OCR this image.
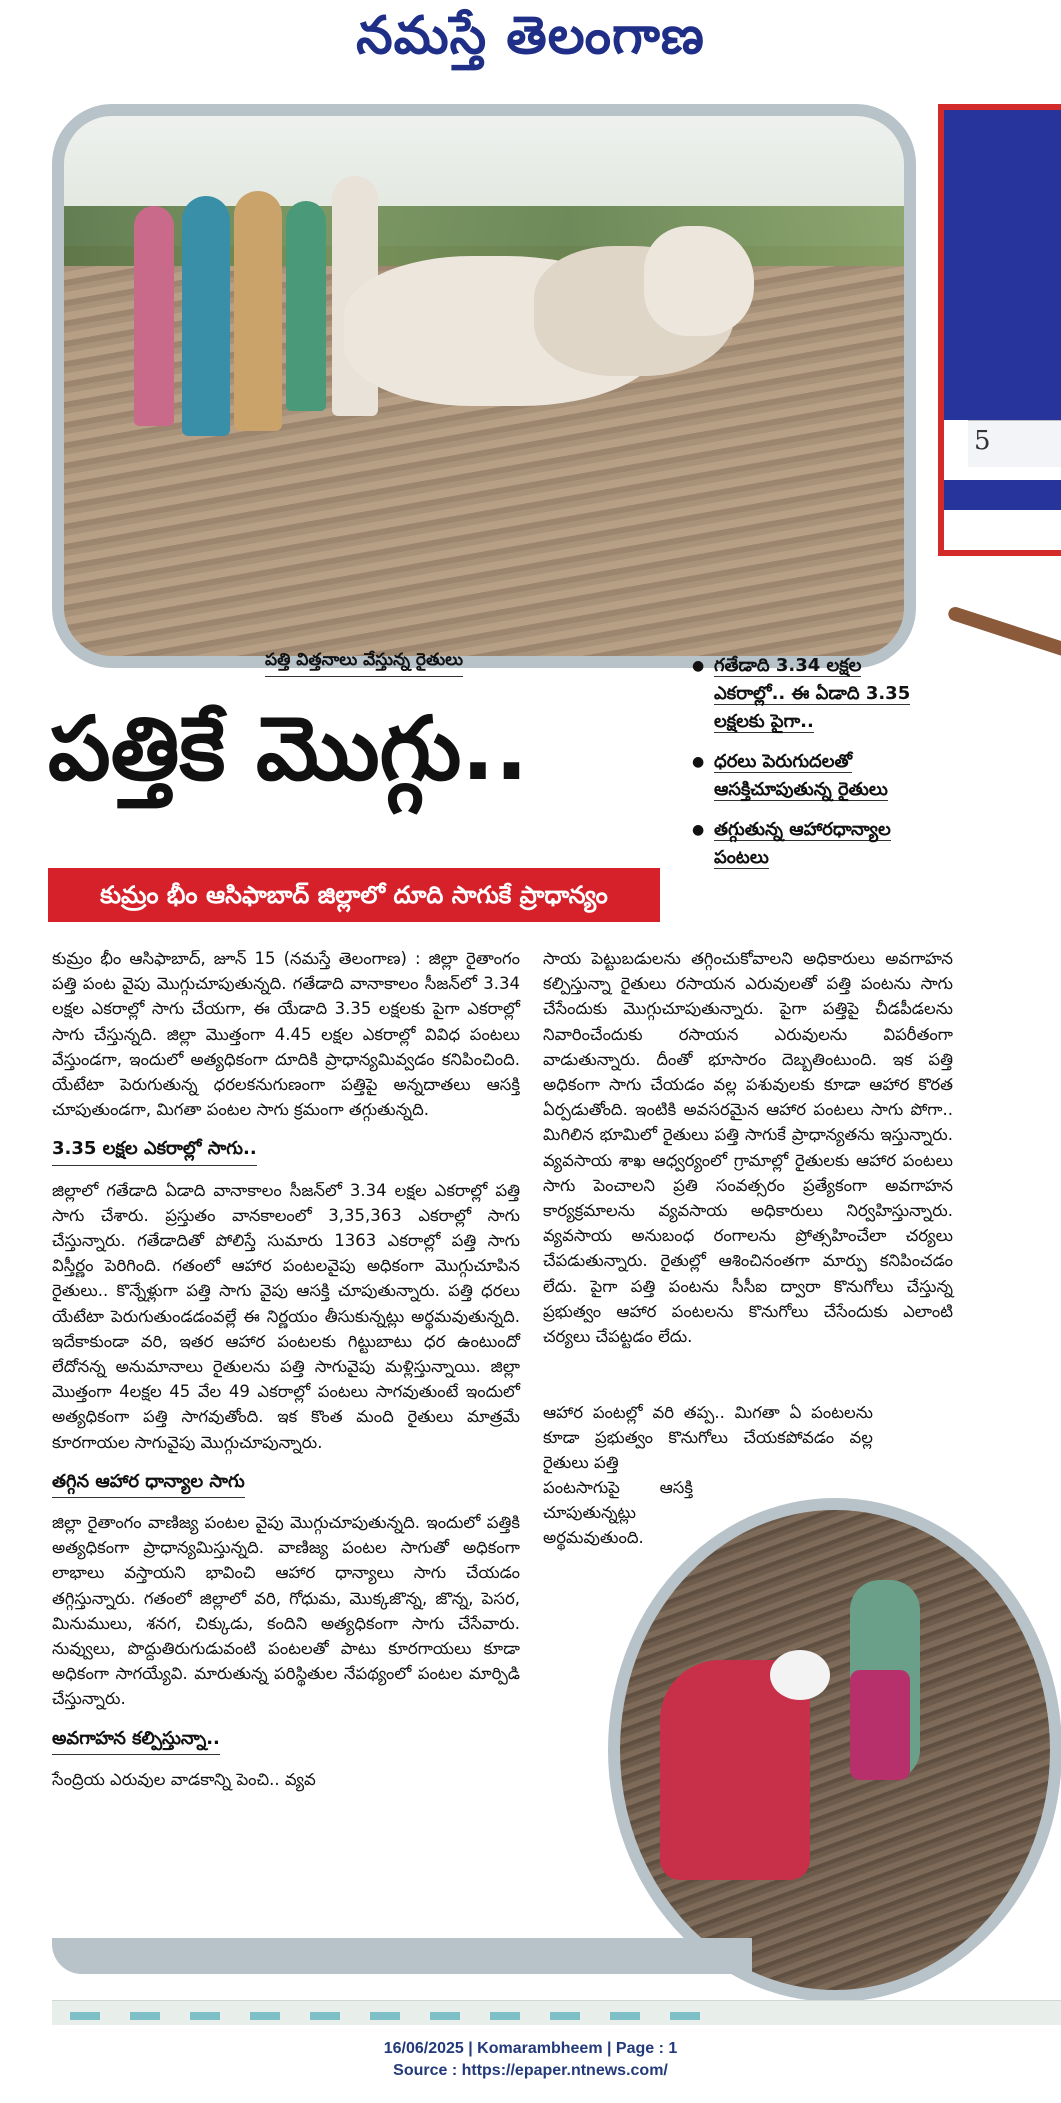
నమస్తే తెలంగాణ
5
పత్తి విత్తనాలు వేస్తున్న రైతులు
పత్తికే మొగ్గు..
కుమ్రం భీం ఆసిఫాబాద్ జిల్లాలో దూది సాగుకే ప్రాధాన్యం
● గతేడాది 3.34 లక్షల ఎకరాల్లో.. ఈ ఏడాది 3.35 లక్షలకు పైగా..
● ధరలు పెరుగుదలతో ఆసక్తిచూపుతున్న రైతులు
● తగ్గుతున్న ఆహారధాన్యాల పంటలు

కుమ్రం భీం ఆసిఫాబాద్, జూన్ 15 (నమస్తే తెలంగాణ) : జిల్లా రైతాంగం పత్తి పంట వైపు మొగ్గుచూపుతున్నది. గతేడాది వానాకాలం సీజన్‌లో 3.34 లక్షల ఎకరాల్లో సాగు చేయగా, ఈ యేడాది 3.35 లక్షలకు పైగా ఎకరాల్లో సాగు చేస్తున్నది. జిల్లా మొత్తంగా 4.45 లక్షల ఎకరాల్లో వివిధ పంటలు వేస్తుండగా, ఇందులో అత్యధికంగా దూదికి ప్రాధాన్యమివ్వడం కనిపించింది. యేటేటా పెరుగుతున్న ధరలకనుగుణంగా పత్తిపై అన్నదాతలు ఆసక్తి చూపుతుండగా, మిగతా పంటల సాగు క్రమంగా తగ్గుతున్నది.

3.35 లక్షల ఎకరాల్లో సాగు..

జిల్లాలో గతేడాది ఏడాది వానాకాలం సీజన్‌లో 3.34 లక్షల ఎకరాల్లో పత్తి సాగు చేశారు. ప్రస్తుతం వానకాలంలో 3,35,363 ఎకరాల్లో సాగు చేస్తున్నారు. గతేడాదితో పోలిస్తే సుమారు 1363 ఎకరాల్లో పత్తి సాగు విస్తీర్ణం పెరిగింది. గతంలో ఆహార పంటలవైపు అధికంగా మొగ్గుచూపిన రైతులు.. కొన్నేళ్లుగా పత్తి సాగు వైపు ఆసక్తి చూపుతున్నారు. పత్తి ధరలు యేటేటా పెరుగుతుండడంవల్లే ఈ నిర్ణయం తీసుకున్నట్లు అర్థమవుతున్నది. ఇదేకాకుండా వరి, ఇతర ఆహార పంటలకు గిట్టుబాటు ధర ఉంటుందో లేదోనన్న అనుమానాలు రైతులను పత్తి సాగువైపు మళ్లిస్తున్నాయి. జిల్లా మొత్తంగా 4లక్షల 45 వేల 49 ఎకరాల్లో పంటలు సాగవుతుంటే ఇందులో అత్యధికంగా పత్తి సాగవుతోంది. ఇక కొంత మంది రైతులు మాత్రమే కూరగాయల సాగువైపు మొగ్గుచూపున్నారు.

తగ్గిన ఆహార ధాన్యాల సాగు

జిల్లా రైతాంగం వాణిజ్య పంటల వైపు మొగ్గుచూపుతున్నది. ఇందులో పత్తికి అత్యధికంగా ప్రాధాన్యమిస్తున్నది. వాణిజ్య పంటల సాగుతో అధికంగా లాభాలు వస్తాయని భావించి ఆహార ధాన్యాలు సాగు చేయడం తగ్గిస్తున్నారు. గతంలో జిల్లాలో వరి, గోధుమ, మొక్కజొన్న, జొన్న, పెసర, మినుములు, శనగ, చిక్కుడు, కందిని అత్యధికంగా సాగు చేసేవారు. నువ్వులు, పొద్దుతిరుగుడువంటి పంటలతో పాటు కూరగాయలు కూడా అధికంగా సాగయ్యేవి. మారుతున్న పరిస్థితుల నేపథ్యంలో పంటల మార్పిడి చేస్తున్నారు.

అవగాహన కల్పిస్తున్నా..

సేంద్రియ ఎరువుల వాడకాన్ని పెంచి.. వ్యవ

సాయ పెట్టుబడులను తగ్గించుకోవాలని అధికారులు అవగాహన కల్పిస్తున్నా రైతులు రసాయన ఎరువులతో పత్తి పంటను సాగు చేసేందుకు మొగ్గుచూపుతున్నారు. పైగా పత్తిపై చీడపీడలను నివారించేందుకు రసాయన ఎరువులను విపరీతంగా వాడుతున్నారు. దీంతో భూసారం దెబ్బతింటుంది. ఇక పత్తి అధికంగా సాగు చేయడం వల్ల పశువులకు కూడా ఆహార కొరత ఏర్పడుతోంది. ఇంటికి అవసరమైన ఆహార పంటలు సాగు పోగా.. మిగిలిన భూమిలో రైతులు పత్తి సాగుకే ప్రాధాన్యతను ఇస్తున్నారు. వ్యవసాయ శాఖ ఆధ్వర్యంలో గ్రామాల్లో రైతులకు ఆహార పంటలు సాగు పెంచాలని ప్రతి సంవత్సరం ప్రత్యేకంగా అవగాహన కార్యక్రమాలను వ్యవసాయ అధికారులు నిర్వహిస్తున్నారు. వ్యవసాయ అనుబంధ రంగాలను ప్రోత్సహించేలా చర్యలు చేపడుతున్నారు. రైతుల్లో ఆశించినంతగా మార్పు కనిపించడం లేదు. పైగా పత్తి పంటను సీసీఐ ద్వారా కొనుగోలు చేస్తున్న ప్రభుత్వం ఆహార పంటలను కొనుగోలు చేసేందుకు ఎలాంటి చర్యలు చేపట్టడం లేదు.

ఆహార పంటల్లో వరి తప్ప.. మిగతా ఏ పంటలను కూడా ప్రభుత్వం కొనుగోలు చేయకపోవడం వల్ల రైతులు పత్తి

పంటసాగుపై ఆసక్తి చూపుతున్నట్లు అర్థమవుతుంది.

16/06/2025 | Komarambheem | Page : 1
Source : https://epaper.ntnews.com/
